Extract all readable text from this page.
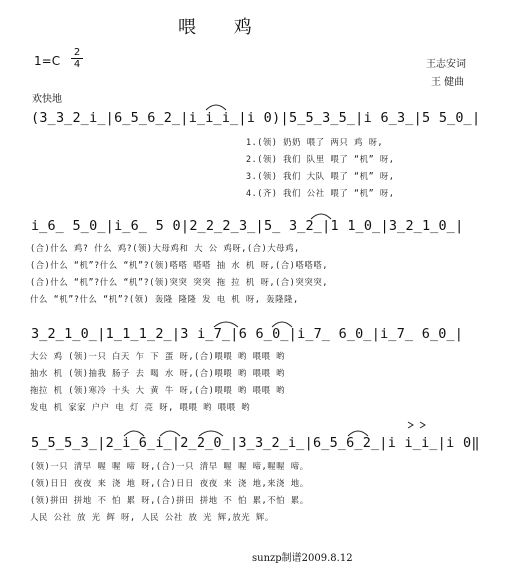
喂 鸡
1=C
2
4	王志安词
王 健曲
欢快地
(3̲3̲2̲i̲|6̲5̲6̲2̲|i̲i̲i̲|i 0)|5̲5̲3̲5̲|i 6̲3̲|5 5̲0̲|
1.(领) 奶奶 喂了 两只 鸡 呀,
2.(领) 我们 队里 喂了 “机” 呀,
3.(领) 我们 大队 喂了 “机” 呀,
4.(齐) 我们 公社 喂了 “机” 呀,
i̲6̲ 5̲0̲|i̲6̲ 5 0|2̲2̲2̲3̲|5̲ 3̲2̲|1 1̲0̲|3̲2̲1̲0̲|
(合)什么 鸡? 什么 鸡?(领)大母鸡和 大 公 鸡呀,(合)大母鸡,
(合)什么 “机”?什么 “机”?(领)嗒嗒 嗒嗒 抽 水 机 呀,(合)嗒嗒嗒,
(合)什么 “机”?什么 “机”?(领)突突 突突 拖 拉 机 呀,(合)突突突,
什么 “机”?什么 “机”?(领) 轰隆 隆隆 发 电 机 呀, 轰隆隆,
3̲2̲1̲0̲|1̲1̲1̲2̲|3 i̲7̲|6 6̲0̲|i̲7̲ 6̲0̲|i̲7̲ 6̲0̲|
大公 鸡 (领)一只 白天 乍 下 蛋 呀,(合)喂喂 哟 喂喂 哟
抽水 机 (领)抽我 肠子 去 喝 水 呀,(合)喂喂 哟 喂喂 哟
拖拉 机 (领)寒冷 十头 大 黄 牛 呀,(合)喂喂 哟 喂喂 哟
发电 机 家家 户户 电 灯 亮 呀, 喂喂 哟 喂喂 哟
5̲5̲5̲3̲|2̲i̲6̲i̲|2̲2̲0̲|3̲3̲2̲i̲|6̲5̲6̲2̲|i i̲i̲|i 0‖
(领)一只 清早 喔 喔 啼 呀,(合)一只 清早 喔 喔 啼,喔喔 啼。
(领)日日 夜夜 来 浇 地 呀,(合)日日 夜夜 来 浇 地,来浇 地。
(领)拼田 拼地 不 怕 累 呀,(合)拼田 拼地 不 怕 累,不怕 累。
人民 公社 放 光 辉 呀, 人民 公社 放 光 辉,放光 辉。
sunzp制谱2009.8.12
